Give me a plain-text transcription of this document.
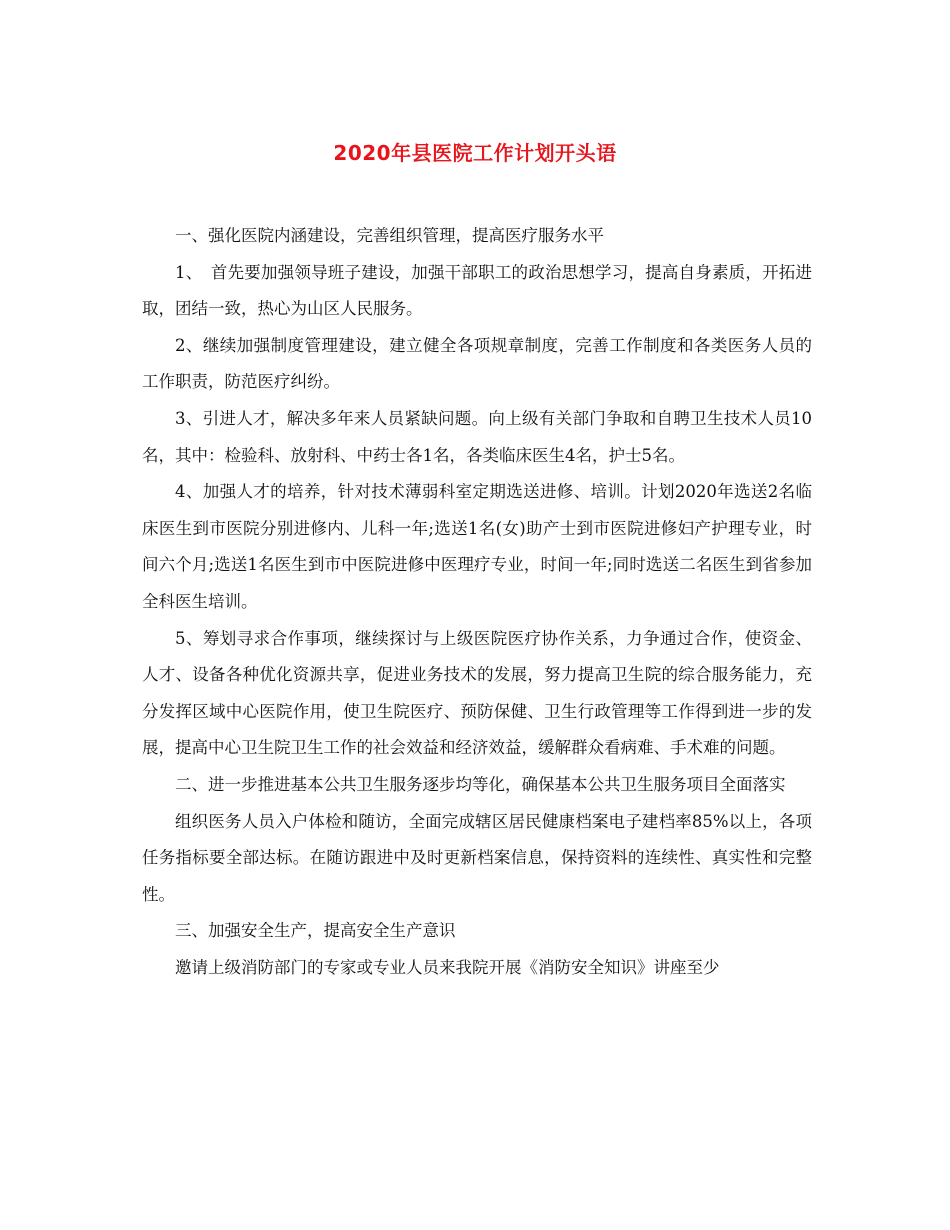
2020年县医院工作计划开头语

一、强化医院内涵建设，完善组织管理，提高医疗服务水平

1、　首先要加强领导班子建设，加强干部职工的政治思想学习，提高自身素质，开拓进取，团结一致，热心为山区人民服务。

2、继续加强制度管理建设，建立健全各项规章制度，完善工作制度和各类医务人员的工作职责，防范医疗纠纷。

3、引进人才，解决多年来人员紧缺问题。向上级有关部门争取和自聘卫生技术人员10名，其中：检验科、放射科、中药士各1名，各类临床医生4名，护士5名。

4、加强人才的培养，针对技术薄弱科室定期选送进修、培训。计划2020年选送2名临床医生到市医院分别进修内、儿科一年;选送1名(女)助产士到市医院进修妇产护理专业，时间六个月;选送1名医生到市中医院进修中医理疗专业，时间一年;同时选送二名医生到省参加全科医生培训。

5、筹划寻求合作事项，继续探讨与上级医院医疗协作关系，力争通过合作，使资金、人才、设备各种优化资源共享，促进业务技术的发展，努力提高卫生院的综合服务能力，充分发挥区域中心医院作用，使卫生院医疗、预防保健、卫生行政管理等工作得到进一步的发展，提高中心卫生院卫生工作的社会效益和经济效益，缓解群众看病难、手术难的问题。

二、进一步推进基本公共卫生服务逐步均等化，确保基本公共卫生服务项目全面落实

组织医务人员入户体检和随访，全面完成辖区居民健康档案电子建档率85%以上，各项任务指标要全部达标。在随访跟进中及时更新档案信息，保持资料的连续性、真实性和完整性。

三、加强安全生产，提高安全生产意识

邀请上级消防部门的专家或专业人员来我院开展《消防安全知识》讲座至少
